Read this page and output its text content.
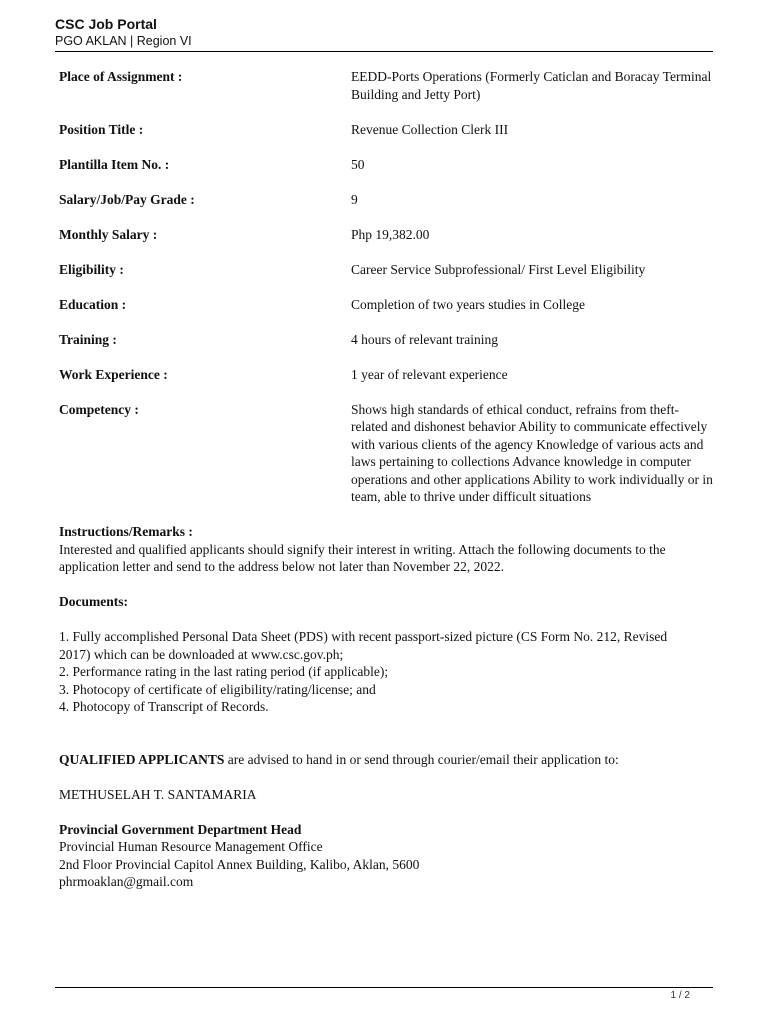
CSC Job Portal
PGO AKLAN | Region VI
Place of Assignment :	EEDD-Ports Operations (Formerly Caticlan and Boracay Terminal Building and Jetty Port)
Position Title :	Revenue Collection Clerk III
Plantilla Item No. :	50
Salary/Job/Pay Grade :	9
Monthly Salary :	Php 19,382.00
Eligibility :	Career Service Subprofessional/ First Level Eligibility
Education :	Completion of two years studies in College
Training :	4 hours of relevant training
Work Experience :	1 year of relevant experience
Competency :	Shows high standards of ethical conduct, refrains from theft-related and dishonest behavior Ability to communicate effectively with various clients of the agency Knowledge of various acts and laws pertaining to collections Advance knowledge in computer operations and other applications Ability to work individually or in team, able to thrive under difficult situations

Instructions/Remarks :

Interested and qualified applicants should signify their interest in writing. Attach the following documents to the application letter and send to the address below not later than November 22, 2022.

Documents:

1. Fully accomplished Personal Data Sheet (PDS) with recent passport-sized picture (CS Form No. 212, Revised 2017) which can be downloaded at www.csc.gov.ph;

2. Performance rating in the last rating period (if applicable);

3. Photocopy of certificate of eligibility/rating/license; and

4. Photocopy of Transcript of Records.

QUALIFIED APPLICANTS are advised to hand in or send through courier/email their application to:

METHUSELAH T. SANTAMARIA

Provincial Government Department Head

Provincial Human Resource Management Office

2nd Floor Provincial Capitol Annex Building, Kalibo, Aklan, 5600

phrmoaklan@gmail.com

1 / 2
